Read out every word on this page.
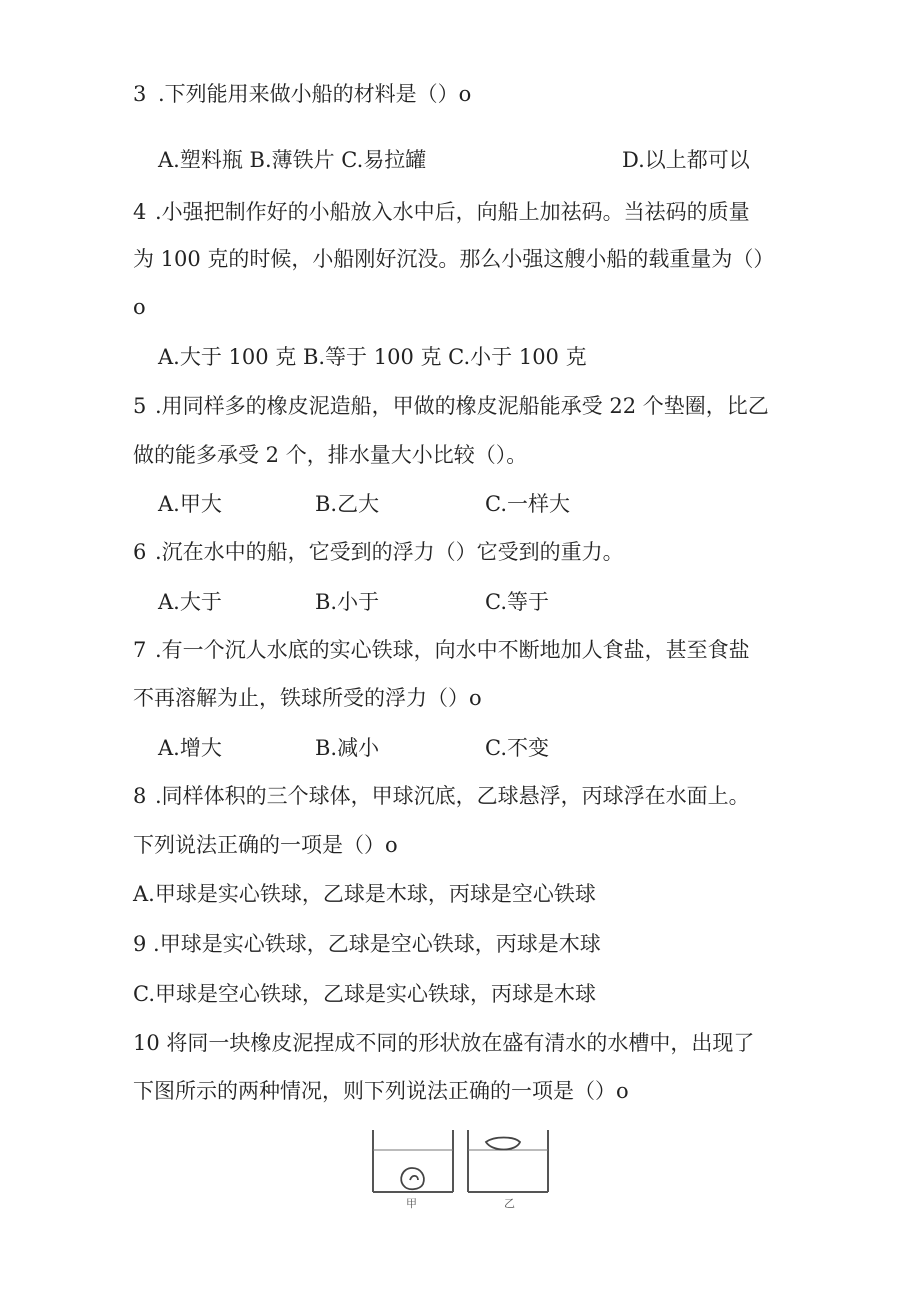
3 .下列能用来做小船的材料是（）o
A.塑料瓶 B.薄铁片 C.易拉罐	D.以上都可以
4 .小强把制作好的小船放入水中后，向船上加祛码。当祛码的质量
为 100 克的时候，小船刚好沉没。那么小强这艘小船的载重量为（）
o
A.大于 100 克 B.等于 100 克 C.小于 100 克
5 .用同样多的橡皮泥造船，甲做的橡皮泥船能承受 22 个垫圈，比乙
做的能多承受 2 个，排水量大小比较（）。
A.甲大	B.乙大	C.一样大
6 .沉在水中的船，它受到的浮力（）它受到的重力。
A.大于	B.小于	C.等于
7 .有一个沉人水底的实心铁球，向水中不断地加人食盐，甚至食盐
不再溶解为止，铁球所受的浮力（）o
A.增大	B.减小	C.不变
8 .同样体积的三个球体，甲球沉底，乙球悬浮，丙球浮在水面上。
下列说法正确的一项是（）o
A.甲球是实心铁球，乙球是木球，丙球是空心铁球
9 .甲球是实心铁球，乙球是空心铁球，丙球是木球
C.甲球是空心铁球，乙球是实心铁球，丙球是木球
10 将同一块橡皮泥捏成不同的形状放在盛有清水的水槽中，出现了
下图所示的两种情况，则下列说法正确的一项是（）o
甲	乙
